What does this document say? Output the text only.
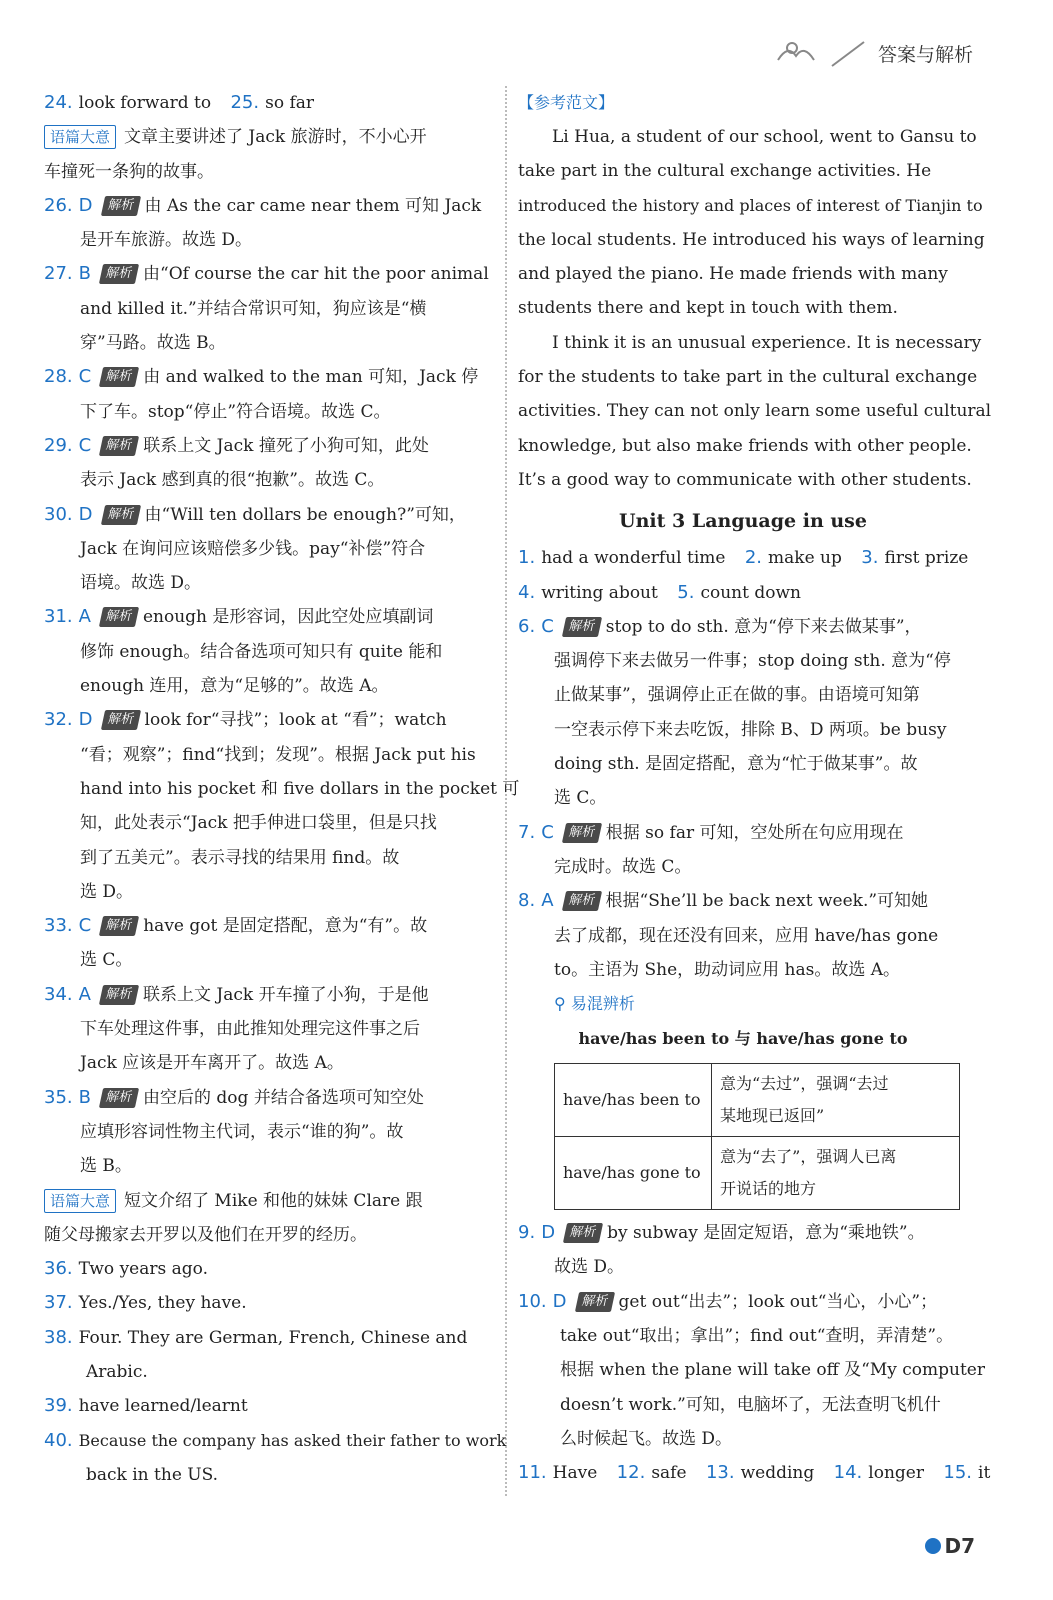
答案与解析
24. look forward to 25. so far
语篇大意 文章主要讲述了 Jack 旅游时，不小心开
车撞死一条狗的故事。
26. D 解析 由 As the car came near them 可知 Jack
是开车旅游。故选 D。
27. B 解析 由“Of course the car hit the poor animal
and killed it.”并结合常识可知，狗应该是“横
穿”马路。故选 B。
28. C 解析 由 and walked to the man 可知，Jack 停
下了车。stop“停止”符合语境。故选 C。
29. C 解析 联系上文 Jack 撞死了小狗可知，此处
表示 Jack 感到真的很“抱歉”。故选 C。
30. D 解析 由“Will ten dollars be enough?”可知，
Jack 在询问应该赔偿多少钱。pay“补偿”符合
语境。故选 D。
31. A 解析 enough 是形容词，因此空处应填副词
修饰 enough。结合备选项可知只有 quite 能和
enough 连用，意为“足够的”。故选 A。
32. D 解析 look for“寻找”；look at “看”；watch
“看；观察”；find“找到；发现”。根据 Jack put his
hand into his pocket 和 five dollars in the pocket 可
知，此处表示“Jack 把手伸进口袋里，但是只找
到了五美元”。表示寻找的结果用 find。故
选 D。
33. C 解析 have got 是固定搭配，意为“有”。故
选 C。
34. A 解析 联系上文 Jack 开车撞了小狗，于是他
下车处理这件事，由此推知处理完这件事之后
Jack 应该是开车离开了。故选 A。
35. B 解析 由空后的 dog 并结合备选项可知空处
应填形容词性物主代词，表示“谁的狗”。故
选 B。
语篇大意 短文介绍了 Mike 和他的妹妹 Clare 跟
随父母搬家去开罗以及他们在开罗的经历。
36. Two years ago.
37. Yes./Yes, they have.
38. Four. They are German, French, Chinese and
Arabic.
39. have learned/learnt
40. Because the company has asked their father to work
back in the US.
【参考范文】
Li Hua, a student of our school, went to Gansu to
take part in the cultural exchange activities. He
introduced the history and places of interest of Tianjin to
the local students. He introduced his ways of learning
and played the piano. He made friends with many
students there and kept in touch with them.
I think it is an unusual experience. It is necessary
for the students to take part in the cultural exchange
activities. They can not only learn some useful cultural
knowledge, but also make friends with other people.
It’s a good way to communicate with other students.
Unit 3 Language in use
1. had a wonderful time 2. make up 3. first prize
4. writing about 5. count down
6. C 解析 stop to do sth. 意为“停下来去做某事”，
强调停下来去做另一件事；stop doing sth. 意为“停
止做某事”，强调停止正在做的事。由语境可知第
一空表示停下来去吃饭，排除 B、D 两项。be busy
doing sth. 是固定搭配，意为“忙于做某事”。故
选 C。
7. C 解析 根据 so far 可知，空处所在句应用现在
完成时。故选 C。
8. A 解析 根据“She’ll be back next week.”可知她
去了成都，现在还没有回来，应用 have/has gone
to。主语为 She，助动词应用 has。故选 A。
⚲ 易混辨析
have/has been to 与 have/has gone to
have/has been to	意为“去过”，强调“去过
某地现已返回”

have/has gone to	意为“去了”，强调人已离
开说话的地方
9. D 解析 by subway 是固定短语，意为“乘地铁”。
故选 D。
10. D 解析 get out“出去”；look out“当心，小心”；
take out“取出；拿出”；find out“查明，弄清楚”。
根据 when the plane will take off 及“My computer
doesn’t work.”可知，电脑坏了，无法查明飞机什
么时候起飞。故选 D。
11. Have 12. safe 13. wedding 14. longer 15. it
D7
